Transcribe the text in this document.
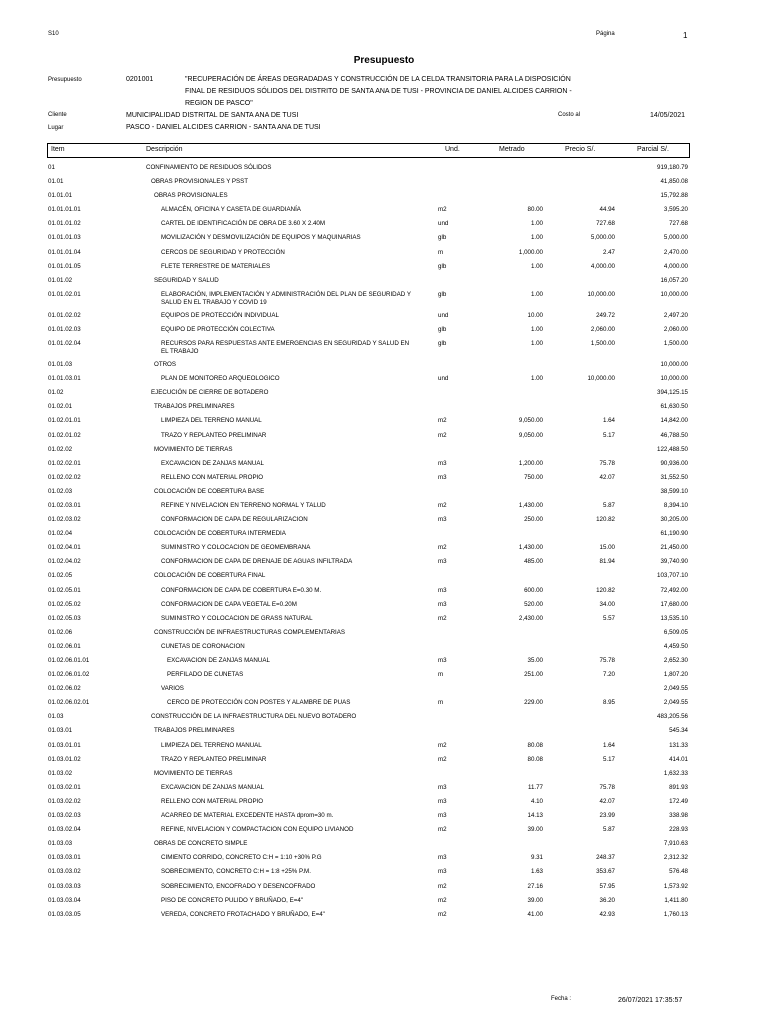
S10	Página	1
Presupuesto
Presupuesto	0201001	"RECUPERACIÓN DE ÁREAS DEGRADADAS Y CONSTRUCCIÓN DE LA CELDA TRANSITORIA PARA LA DISPOSICIÓN
FINAL DE RESIDUOS SÓLIDOS DEL DISTRITO DE SANTA ANA DE TUSI - PROVINCIA DE DANIEL ALCIDES CARRION -
REGION DE PASCO"
Cliente	MUNICIPALIDAD DISTRITAL DE SANTA ANA DE TUSI	Costo al	14/05/2021
Lugar	PASCO - DANIEL ALCIDES CARRION - SANTA ANA DE TUSI
Item	Descripción	Und.	Metrado	Precio S/.	Parcial S/.
01	CONFINAMIENTO DE RESIDUOS SÓLIDOS	919,180.79
01.01	OBRAS PROVISIONALES Y PSST	41,850.08
01.01.01	OBRAS PROVISIONALES	15,792.88
01.01.01.01	ALMACÉN, OFICINA Y CASETA DE GUARDIANÍA	m2	80.00	44.94	3,595.20
01.01.01.02	CARTEL DE IDENTIFICACIÓN DE OBRA DE 3.60 X 2.40M	und	1.00	727.68	727.68
01.01.01.03	MOVILIZACIÓN Y DESMOVILIZACIÓN DE EQUIPOS Y MAQUINARIAS	glb	1.00	5,000.00	5,000.00
01.01.01.04	CERCOS DE SEGURIDAD Y PROTECCIÓN	m	1,000.00	2.47	2,470.00
01.01.01.05	FLETE TERRESTRE DE MATERIALES	glb	1.00	4,000.00	4,000.00
01.01.02	SEGURIDAD Y SALUD	16,057.20
01.01.02.01	ELABORACIÓN, IMPLEMENTACIÓN Y ADMINISTRACIÓN DEL PLAN DE SEGURIDAD Y SALUD EN EL TRABAJO Y COVID 19
glb	1.00	10,000.00	10,000.00
01.01.02.02	EQUIPOS DE PROTECCIÓN INDIVIDUAL	und	10.00	249.72	2,497.20
01.01.02.03	EQUIPO DE PROTECCIÓN COLECTIVA	glb	1.00	2,060.00	2,060.00
01.01.02.04	RECURSOS PARA RESPUESTAS ANTE EMERGENCIAS EN SEGURIDAD Y SALUD EN EL TRABAJO
glb	1.00	1,500.00	1,500.00
01.01.03	OTROS	10,000.00
01.01.03.01	PLAN DE MONITOREO ARQUEOLOGICO	und	1.00	10,000.00	10,000.00
01.02	EJECUCIÓN DE CIERRE DE BOTADERO	394,125.15
01.02.01	TRABAJOS PRELIMINARES	61,630.50
01.02.01.01	LIMPIEZA DEL TERRENO MANUAL	m2	9,050.00	1.64	14,842.00
01.02.01.02	TRAZO Y REPLANTEO PRELIMINAR	m2	9,050.00	5.17	46,788.50
01.02.02	MOVIMIENTO DE TIERRAS	122,488.50
01.02.02.01	EXCAVACION DE ZANJAS MANUAL	m3	1,200.00	75.78	90,936.00
01.02.02.02	RELLENO CON MATERIAL PROPIO	m3	750.00	42.07	31,552.50
01.02.03	COLOCACIÓN DE COBERTURA BASE	38,599.10
01.02.03.01	REFINE Y NIVELACION EN TERRENO NORMAL Y TALUD	m2	1,430.00	5.87	8,394.10
01.02.03.02	CONFORMACION DE CAPA DE REGULARIZACION	m3	250.00	120.82	30,205.00
01.02.04	COLOCACIÓN DE COBERTURA INTERMEDIA	61,190.90
01.02.04.01	SUMINISTRO Y COLOCACION DE GEOMEMBRANA	m2	1,430.00	15.00	21,450.00
01.02.04.02	CONFORMACION DE CAPA DE DRENAJE DE AGUAS INFILTRADA	m3	485.00	81.94	39,740.90
01.02.05	COLOCACIÓN DE COBERTURA FINAL	103,707.10
01.02.05.01	CONFORMACION DE CAPA DE COBERTURA E=0.30 M.	m3	600.00	120.82	72,492.00
01.02.05.02	CONFORMACION DE CAPA VEGETAL E=0.20M	m3	520.00	34.00	17,680.00
01.02.05.03	SUMINISTRO Y COLOCACION DE GRASS NATURAL	m2	2,430.00	5.57	13,535.10
01.02.06	CONSTRUCCIÓN DE INFRAESTRUCTURAS COMPLEMENTARIAS	6,509.05
01.02.06.01	CUNETAS DE CORONACION	4,459.50
01.02.06.01.01	EXCAVACION DE ZANJAS MANUAL	m3	35.00	75.78	2,652.30
01.02.06.01.02	PERFILADO DE CUNETAS	m	251.00	7.20	1,807.20
01.02.06.02	VARIOS	2,049.55
01.02.06.02.01	CERCO DE PROTECCIÓN CON POSTES Y ALAMBRE DE PUAS	m	229.00	8.95	2,049.55
01.03	CONSTRUCCIÓN DE LA INFRAESTRUCTURA DEL NUEVO BOTADERO	483,205.56
01.03.01	TRABAJOS PRELIMINARES	545.34
01.03.01.01	LIMPIEZA DEL TERRENO MANUAL	m2	80.08	1.64	131.33
01.03.01.02	TRAZO Y REPLANTEO PRELIMINAR	m2	80.08	5.17	414.01
01.03.02	MOVIMIENTO DE TIERRAS	1,632.33
01.03.02.01	EXCAVACION DE ZANJAS MANUAL	m3	11.77	75.78	891.93
01.03.02.02	RELLENO CON MATERIAL PROPIO	m3	4.10	42.07	172.49
01.03.02.03	ACARREO DE MATERIAL EXCEDENTE HASTA dprom=30 m.	m3	14.13	23.99	338.98
01.03.02.04	REFINE, NIVELACION Y COMPACTACION CON EQUIPO LIVIANOD	m2	39.00	5.87	228.93
01.03.03	OBRAS DE CONCRETO SIMPLE	7,910.63
01.03.03.01	CIMIENTO CORRIDO, CONCRETO C:H = 1:10 +30% P.G	m3	9.31	248.37	2,312.32
01.03.03.02	SOBRECIMIENTO, CONCRETO C:H = 1:8 +25% P.M.	m3	1.63	353.67	576.48
01.03.03.03	SOBRECIMIENTO, ENCOFRADO Y DESENCOFRADO	m2	27.16	57.95	1,573.92
01.03.03.04	PISO DE CONCRETO PULIDO Y BRUÑADO, E=4"	m2	39.00	36.20	1,411.80
01.03.03.05	VEREDA, CONCRETO FROTACHADO Y BRUÑADO, E=4"	m2	41.00	42.93	1,760.13
Fecha :	26/07/2021 17:35:57
